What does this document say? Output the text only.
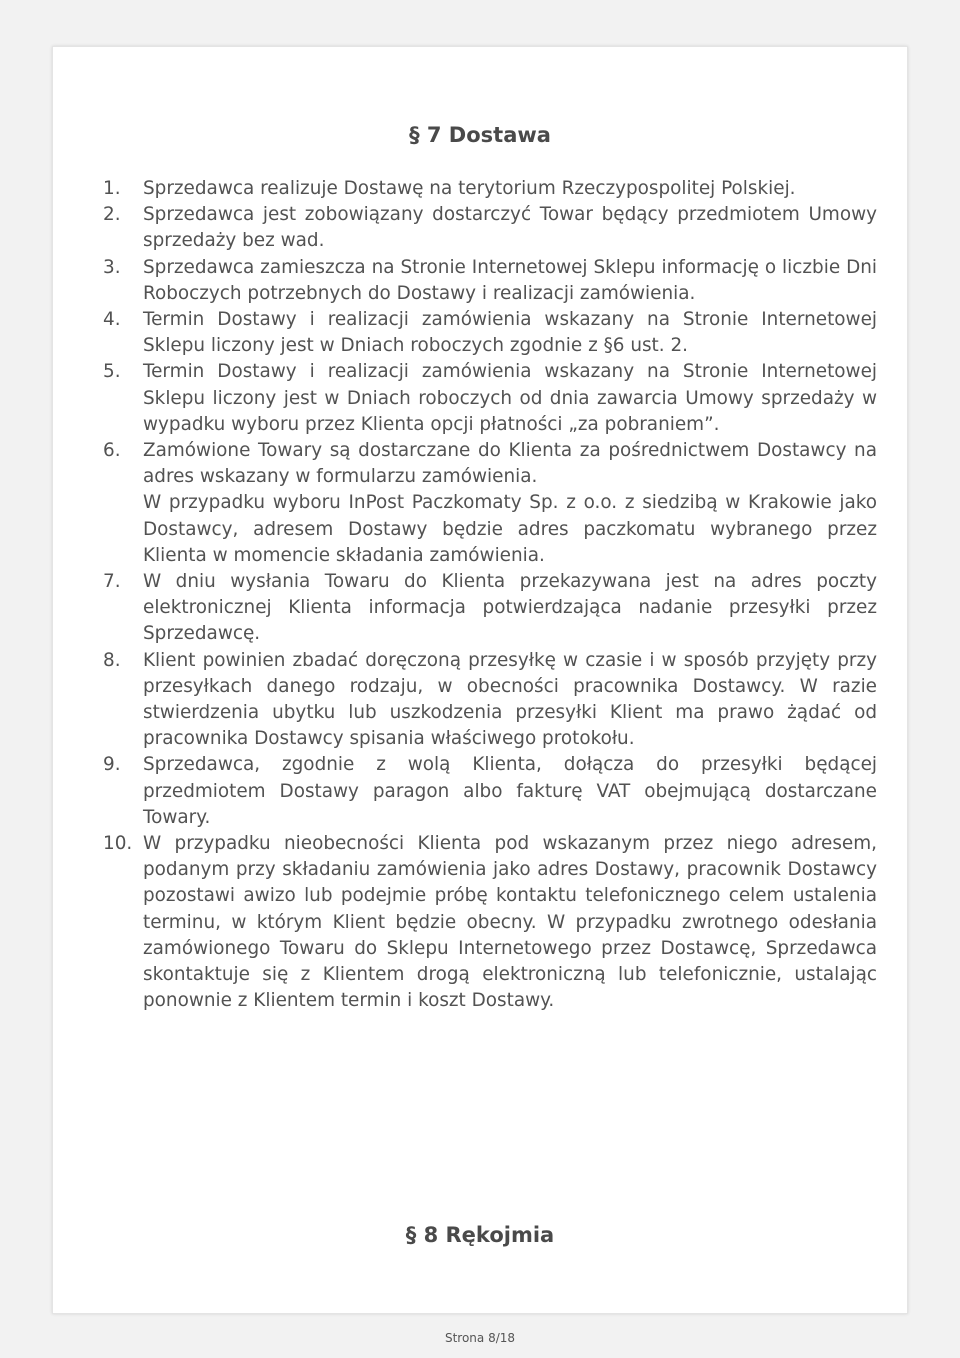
§ 7 Dostawa
1.	Sprzedawca realizuje Dostawę na terytorium Rzeczypospolitej Polskiej.
2.	Sprzedawca jest zobowiązany dostarczyć Towar będący przedmiotem Umowy sprzedaży bez wad.
3.	Sprzedawca zamieszcza na Stronie Internetowej Sklepu informację o liczbie Dni Roboczych potrzebnych do Dostawy i realizacji zamówienia.
4.	Termin Dostawy i realizacji zamówienia wskazany na Stronie Internetowej Sklepu liczony jest w Dniach roboczych zgodnie z §6 ust. 2.
5.	Termin Dostawy i realizacji zamówienia wskazany na Stronie Internetowej Sklepu liczony jest w Dniach roboczych od dnia zawarcia Umowy sprzedaży w wypadku wyboru przez Klienta opcji płatności „za pobraniem”.
6.	Zamówione Towary są dostarczane do Klienta za pośrednictwem Dostawcy na adres wskazany w formularzu zamówienia.
W przypadku wyboru InPost Paczkomaty Sp. z o.o. z siedzibą w Krakowie jako Dostawcy, adresem Dostawy będzie adres paczkomatu wybranego przez Klienta w momencie składania zamówienia.
7.	W dniu wysłania Towaru do Klienta przekazywana jest na adres poczty elektronicznej Klienta informacja potwierdzająca nadanie przesyłki przez Sprzedawcę.
8.	Klient powinien zbadać doręczoną przesyłkę w czasie i w sposób przyjęty przy przesyłkach danego rodzaju, w obecności pracownika Dostawcy. W razie stwierdzenia ubytku lub uszkodzenia przesyłki Klient ma prawo żądać od pracownika Dostawcy spisania właściwego protokołu.
9.	Sprzedawca, zgodnie z wolą Klienta, dołącza do przesyłki będącej przedmiotem Dostawy paragon albo fakturę VAT obejmującą dostarczane Towary.
10. W przypadku nieobecności Klienta pod wskazanym przez niego adresem, podanym przy składaniu zamówienia jako adres Dostawy, pracownik Dostawcy pozostawi awizo lub podejmie próbę kontaktu telefonicznego celem ustalenia terminu, w którym Klient będzie obecny. W przypadku zwrotnego odesłania zamówionego Towaru do Sklepu Internetowego przez Dostawcę, Sprzedawca skontaktuje się z Klientem drogą elektroniczną lub telefonicznie, ustalając ponownie z Klientem termin i koszt Dostawy.
§ 8 Rękojmia
Strona 8/18
